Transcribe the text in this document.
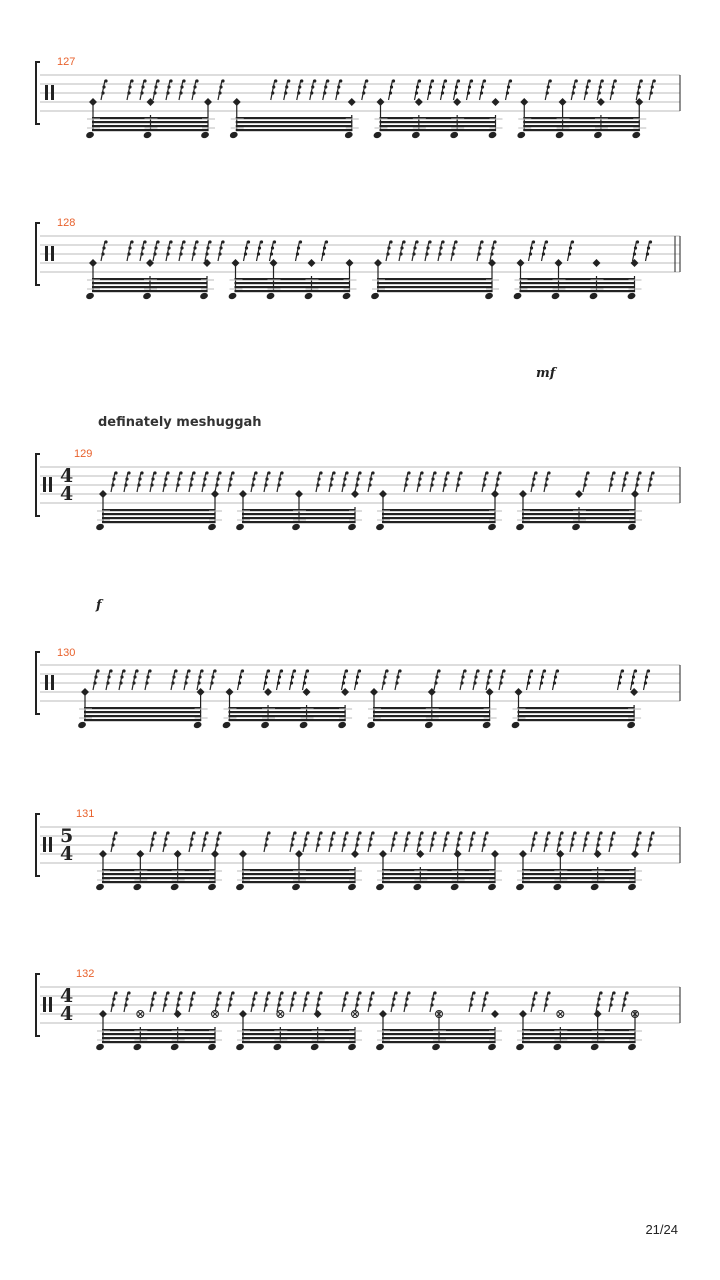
127
128
mf
definately meshuggah
4
4
129
f
130
5
4
131
4
4
132
21/24
